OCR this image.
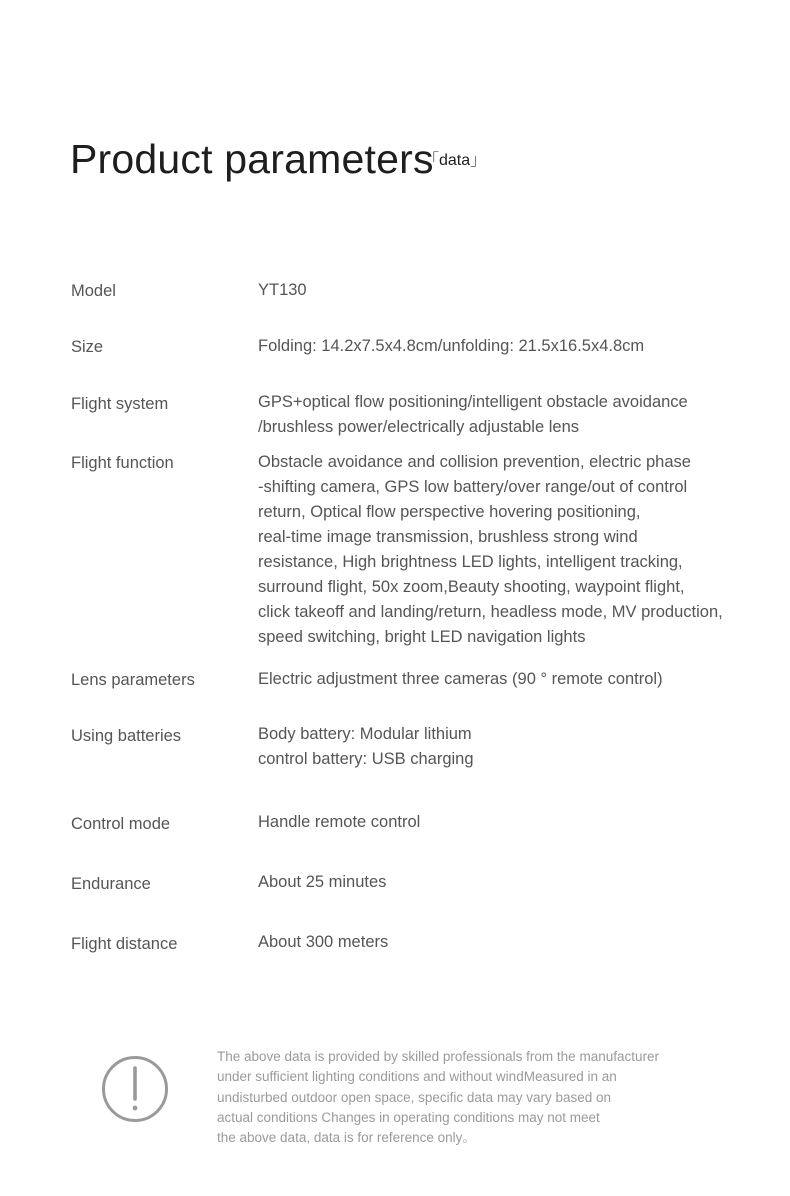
Product parameters
「data」
Model	YT130
Size	Folding: 14.2x7.5x4.8cm/unfolding: 21.5x16.5x4.8cm
Flight system	GPS+optical flow positioning/intelligent obstacle avoidance
/brushless power/electrically adjustable lens
Flight function	Obstacle avoidance and collision prevention, electric phase
-shifting camera, GPS low battery/over range/out of control
return, Optical flow perspective hovering positioning,
real-time image transmission, brushless strong wind
resistance, High brightness LED lights, intelligent tracking,
surround flight, 50x zoom,Beauty shooting, waypoint flight,
click takeoff and landing/return, headless mode, MV production,
speed switching, bright LED navigation lights
Lens parameters	Electric adjustment three cameras (90 ° remote control)
Using batteries	Body battery: Modular lithium
control battery: USB charging
Control mode	Handle remote control
Endurance	About 25 minutes
Flight distance	About 300 meters
The above data is provided by skilled professionals from the manufacturer
under sufficient lighting conditions and without windMeasured in an
undisturbed outdoor open space, specific data may vary based on
actual conditions Changes in operating conditions may not meet
the above data, data is for reference only。
